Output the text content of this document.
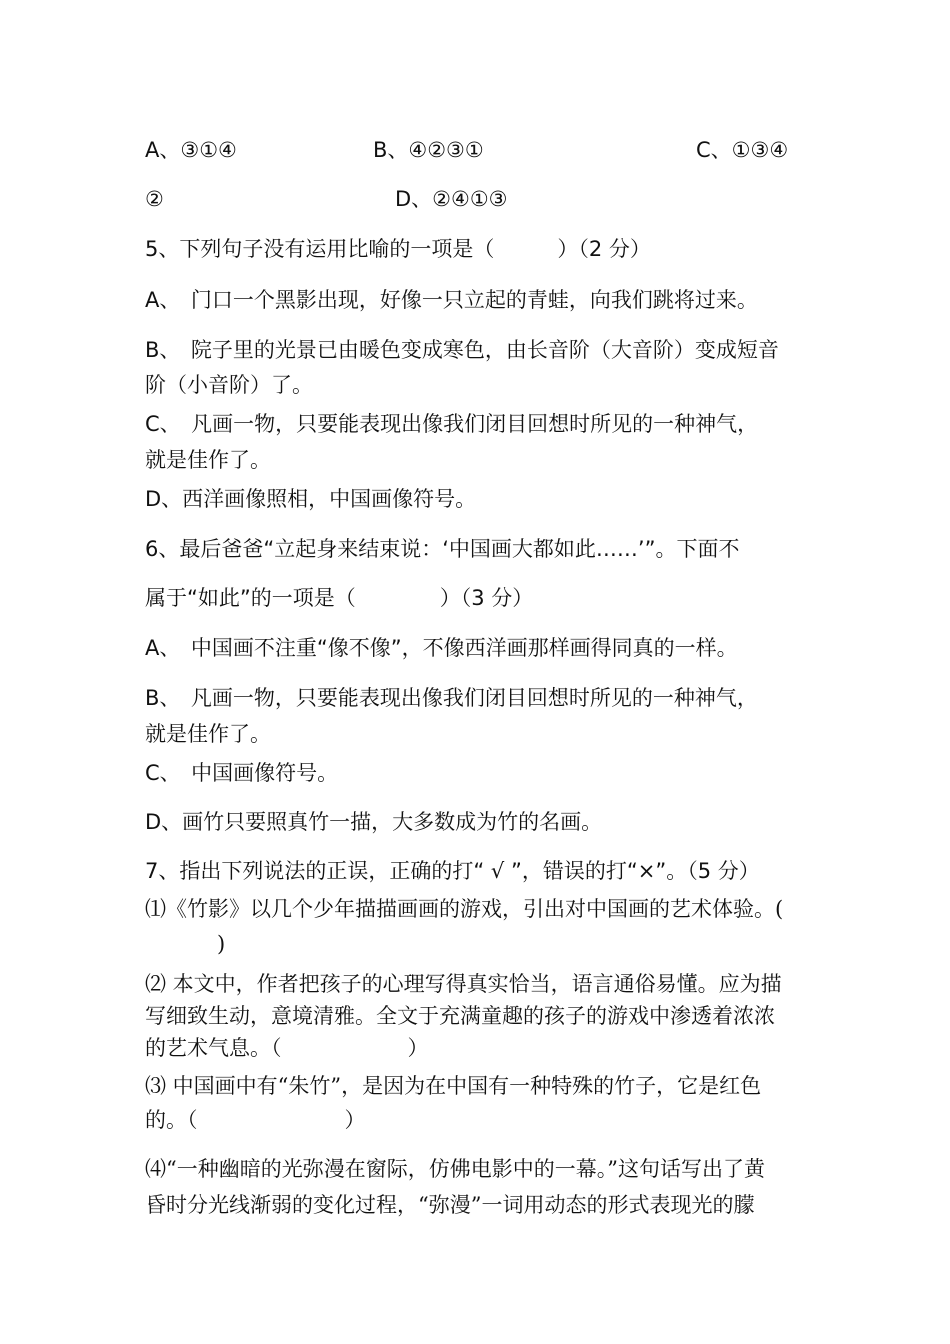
A、③①④	B、④②③①	C、①③④
②	D、②④①③
5、下列句子没有运用比喻的一项是（　　　）（2 分）
A、　门口一个黑影出现，好像一只立起的青蛙，向我们跳将过来。
B、　院子里的光景已由暖色变成寒色，由长音阶（大音阶）变成短音
阶（小音阶）了。
C、　凡画一物，只要能表现出像我们闭目回想时所见的一种神气，
就是佳作了。
D、西洋画像照相，中国画像符号。
6、最后爸爸“立起身来结束说：‘中国画大都如此……’”。下面不
属于“如此”的一项是（　　　　）（3 分）
A、　中国画不注重“像不像”，不像西洋画那样画得同真的一样。
B、　凡画一物，只要能表现出像我们闭目回想时所见的一种神气，
就是佳作了。
C、　中国画像符号。
D、画竹只要照真竹一描，大多数成为竹的名画。
7、指出下列说法的正误，正确的打“ √ ”，错误的打“×”。（5 分）
⑴《竹影》以几个少年描描画画的游戏，引出对中国画的艺术体验。(
)
⑵ 本文中，作者把孩子的心理写得真实恰当，语言通俗易懂。应为描
写细致生动，意境清雅。全文于充满童趣的孩子的游戏中渗透着浓浓
的艺术气息。（　　　　　　）
⑶ 中国画中有“朱竹”，是因为在中国有一种特殊的竹子，它是红色
的。（　　　　　　　）
⑷“一种幽暗的光弥漫在窗际，仿佛电影中的一幕。”这句话写出了黄
昏时分光线渐弱的变化过程，“弥漫”一词用动态的形式表现光的朦
